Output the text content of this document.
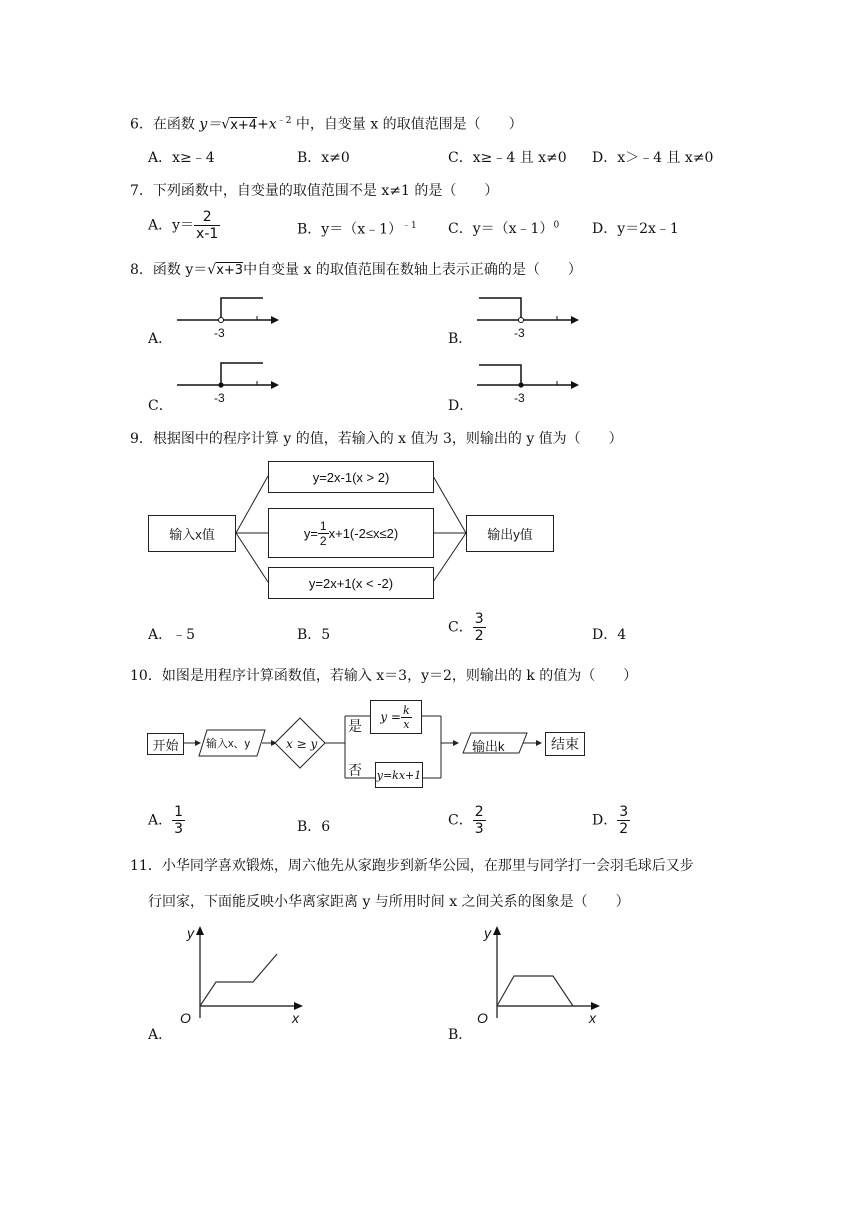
6．在函数 $y=√x+4+x^{﹣2}$ 中，自变量 x 的取值范围是（　　）
A．x≥﹣4	B．x≠0	C．x≥﹣4 且 x≠0 D．x＞﹣4 且 x≠0
7．下列函数中，自变量的取值范围不是 x≠1 的是（　　）
A．$y= \frac{2}{x-1}$	B．y＝（x﹣1）$^{﹣1}$ C．y＝（x﹣1）$^0$ D．y＝2x﹣1
8．函数 y＝√x+3中自变量 x 的取值范围在数轴上表示正确的是（　　）
A．	-3	B．	-3
C．	-3	D．	-3
9．根据图中的程序计算 y 的值，若输入的 x 值为 3，则输出的 y 值为（　　）
输入x值
y=2x-1(x > 2)
$y= \frac{1}{2} x+1(-2\le x\le 2)$
y=2x+1(x < -2)
输出y值
A．﹣5	B．5	C． $\frac{3}{2}$	D．4
10．如图是用程序计算函数值，若输入 x＝3，y＝2，则输出的 k 的值为（　　）
开始	输入x、y	x ≥ y
是
否
$y = \frac{k}{x}$
y=kx+1
输出k	结束
A． $\frac{1}{3}$	B．6	C． $\frac{2}{3}$	D． $\frac{3}{2}$
11．小华同学喜欢锻炼，周六他先从家跑步到新华公园，在那里与同学打一会羽毛球后又步
行回家，下面能反映小华离家距离 y 与所用时间 x 之间关系的图象是（　　）
A．
y
x
O
B．
y
x
O
